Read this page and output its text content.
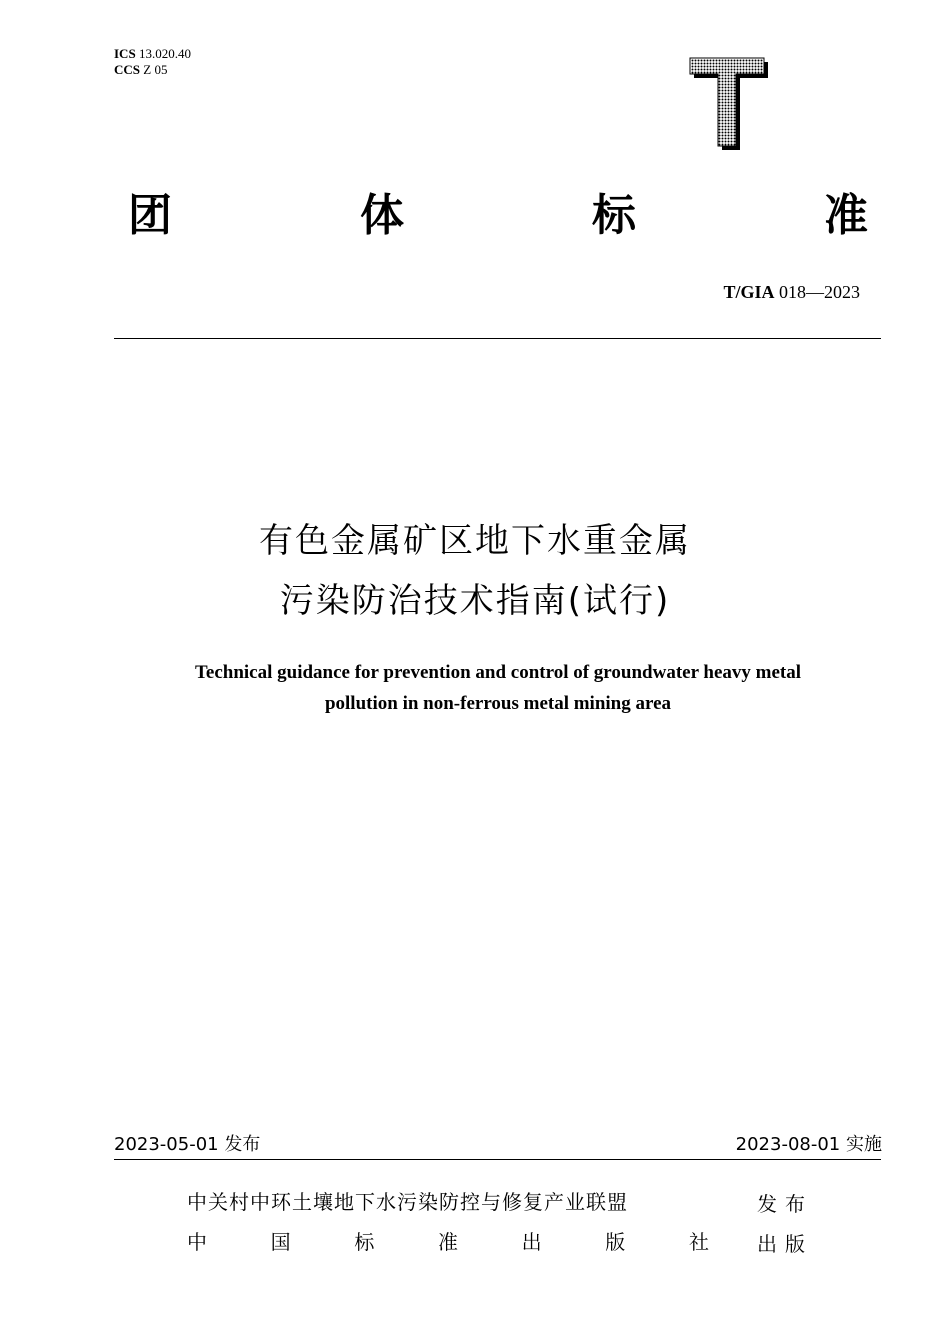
ICS 13.020.40
CCS Z 05
团	体	标	准
T/GIA 018—2023
有色金属矿区地下水重金属
污染防治技术指南(试行)
Technical guidance for prevention and control of groundwater heavy metal
pollution in non-ferrous metal mining area
2023-05-01 发布	2023-08-01 实施
中关村中环土壤地下水污染防控与修复产业联盟	发布
中	国	标	准	出	版	社 出版
